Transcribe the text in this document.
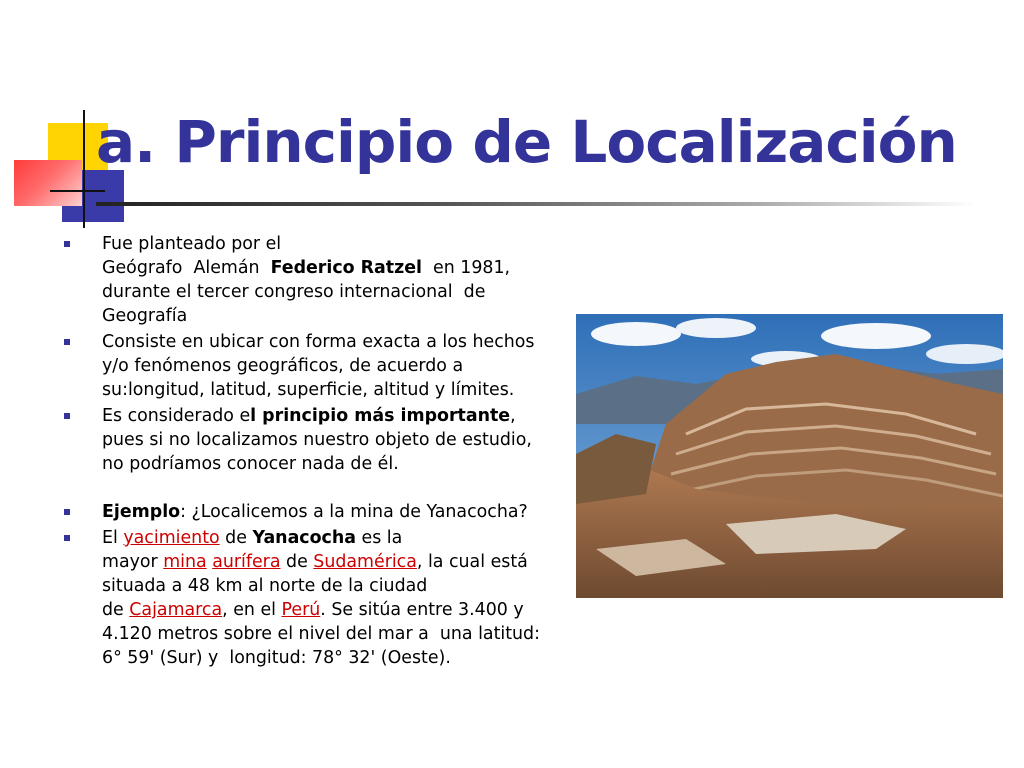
a. Principio de Localización

Fue planteado por el
Geógrafo  Alemán  Federico Ratzel  en 1981,
durante el tercer congreso internacional  de
Geografía

Consiste en ubicar con forma exacta a los hechos
y/o fenómenos geográficos, de acuerdo a
su:longitud, latitud, superficie, altitud y límites.

Es considerado el principio más importante,
pues si no localizamos nuestro objeto de estudio,
no podríamos conocer nada de él.

Ejemplo: ¿Localicemos a la mina de Yanacocha?

El yacimiento de Yanacocha es la
mayor mina aurífera de Sudamérica, la cual está
situada a 48 km al norte de la ciudad
de Cajamarca, en el Perú. Se sitúa entre 3.400 y
4.120 metros sobre el nivel del mar a  una latitud:
6° 59' (Sur) y  longitud: 78° 32' (Oeste).
